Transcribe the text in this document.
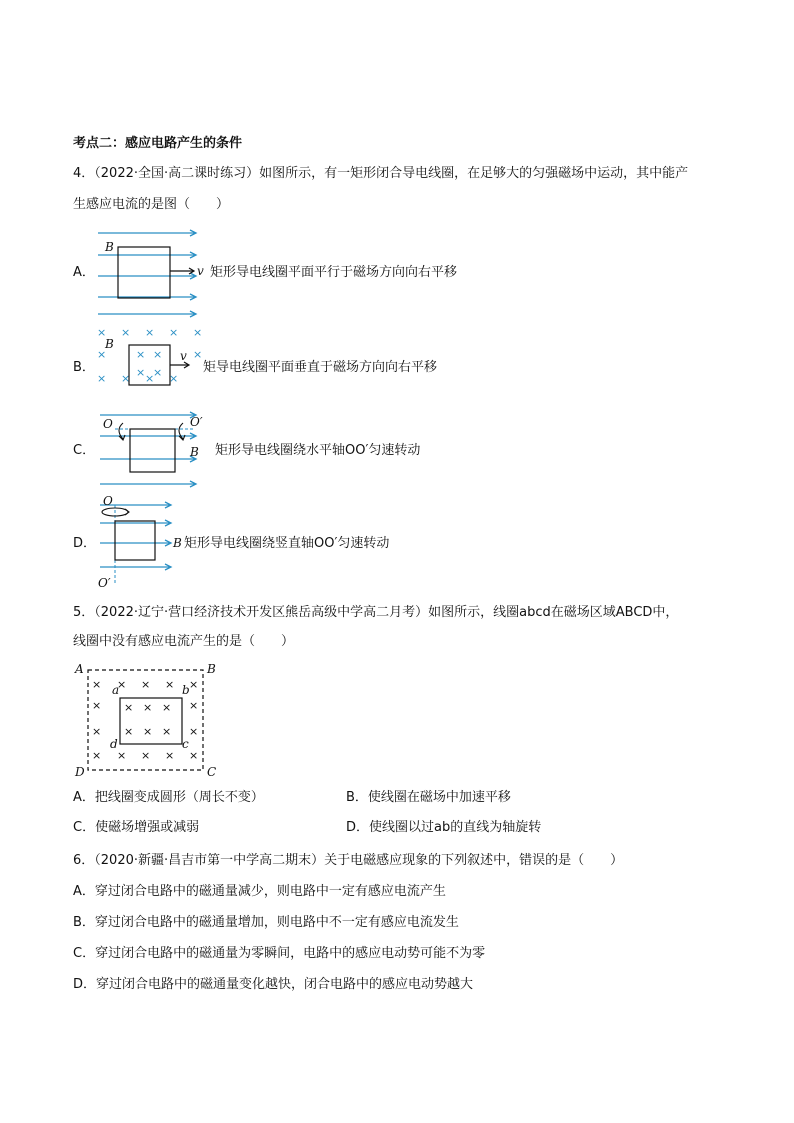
考点二：感应电路产生的条件
4．（2022·全国·高二课时练习）如图所示，有一矩形闭合导电线圈，在足够大的匀强磁场中运动，其中能产
生感应电流的是图（　　）
A．
B
v 矩形导电线圈平面平行于磁场方向向右平移
B．
× × × × ×
×	×
× × × ×
× ×
× ×
B
v
矩导电线圈平面垂直于磁场方向向右平移
C．
O	O′
B 矩形导电线圈绕水平轴OO′匀速转动
D．
O
O′
B 矩形导电线圈绕竖直轴OO′匀速转动
5．（2022·辽宁·营口经济技术开发区熊岳高级中学高二月考）如图所示，线圈abcd在磁场区域ABCD中，
线圈中没有感应电流产生的是（　　）
× × × × ×
×	×
×	×
× × × × ×
× × ×
× × ×
A	B
C
D
a	b
c
d
A．把线圈变成圆形（周长不变）	B．使线圈在磁场中加速平移
C．使磁场增强或减弱	D．使线圈以过ab的直线为轴旋转
6．（2020·新疆·昌吉市第一中学高二期末）关于电磁感应现象的下列叙述中，错误的是（　　）
A．穿过闭合电路中的磁通量减少，则电路中一定有感应电流产生
B．穿过闭合电路中的磁通量增加，则电路中不一定有感应电流发生
C．穿过闭合电路中的磁通量为零瞬间，电路中的感应电动势可能不为零
D．穿过闭合电路中的磁通量变化越快，闭合电路中的感应电动势越大
